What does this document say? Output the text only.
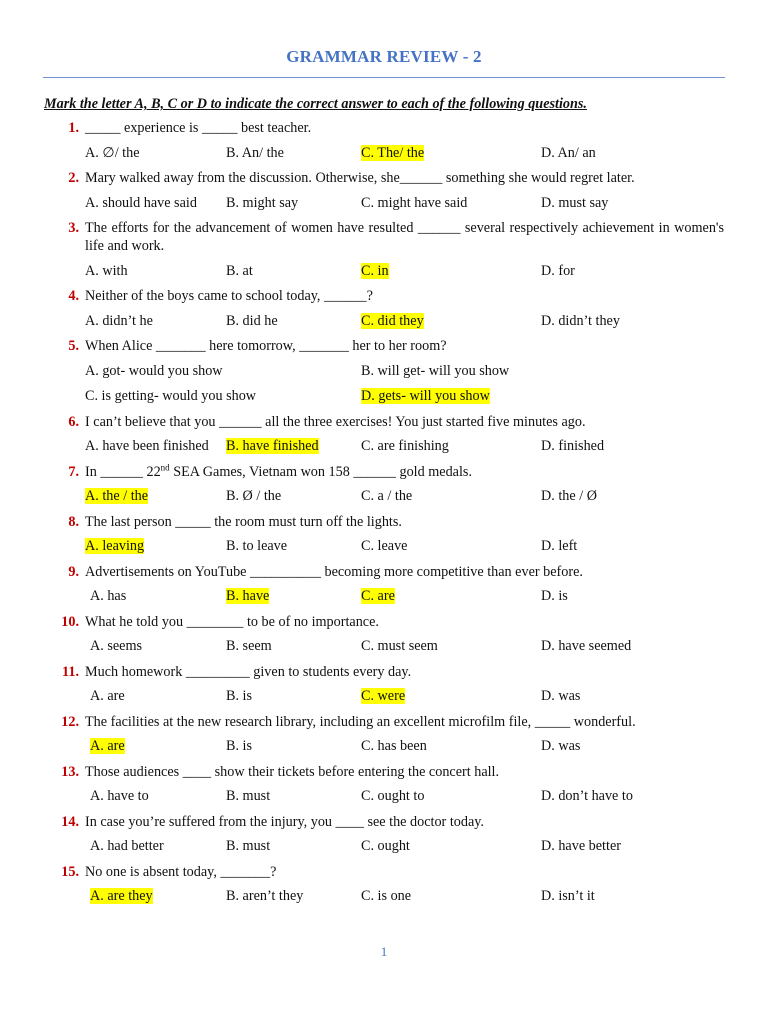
GRAMMAR REVIEW - 2
Mark the letter A, B, C or D to indicate the correct answer to each of the following questions.
1. _____ experience is _____ best teacher.
A. ∅/ the	B. An/ the	C. The/ the	D. An/ an
2. Mary walked away from the discussion. Otherwise, she______ something she would regret later.
A. should have said B. might say	C. might have said	D. must say
3. The efforts for the advancement of women have resulted ______ several respectively achievement in women's life and work.
A. with	B. at	C. in	D. for
4. Neither of the boys came to school today, ______?
A. didn’t he	B. did he	C. did they	D. didn’t they
5. When Alice _______ here tomorrow, _______ her to her room?
A. got- would you show	B. will get- will you show
C. is getting- would you show	D. gets- will you show
6. I can’t believe that you ______ all the three exercises! You just started five minutes ago.
A. have been finished B. have finished	C. are finishing	D. finished
7. In ______ 22nd SEA Games, Vietnam won 158 ______ gold medals.
A. the / the	B. Ø / the	C. a / the	D. the / Ø
8. The last person _____ the room must turn off the lights.
A. leaving	B. to leave	C. leave	D. left
9. Advertisements on YouTube __________ becoming more competitive than ever before.
A. has	B. have	C. are	D. is
10. What he told you ________ to be of no importance.
A. seems	B. seem	C. must seem	D. have seemed
11. Much homework _________ given to students every day.
A. are	B. is	C. were	D. was
12. The facilities at the new research library, including an excellent microfilm file, _____ wonderful.
A. are	B. is	C. has been	D. was
13. Those audiences ____ show their tickets before entering the concert hall.
A. have to	B. must	C. ought to	D. don’t have to
14. In case you’re suffered from the injury, you ____ see the doctor today.
A. had better	B. must	C. ought	D. have better
15. No one is absent today, _______?
A. are they	B. aren’t they	C. is one	D. isn’t it
1
